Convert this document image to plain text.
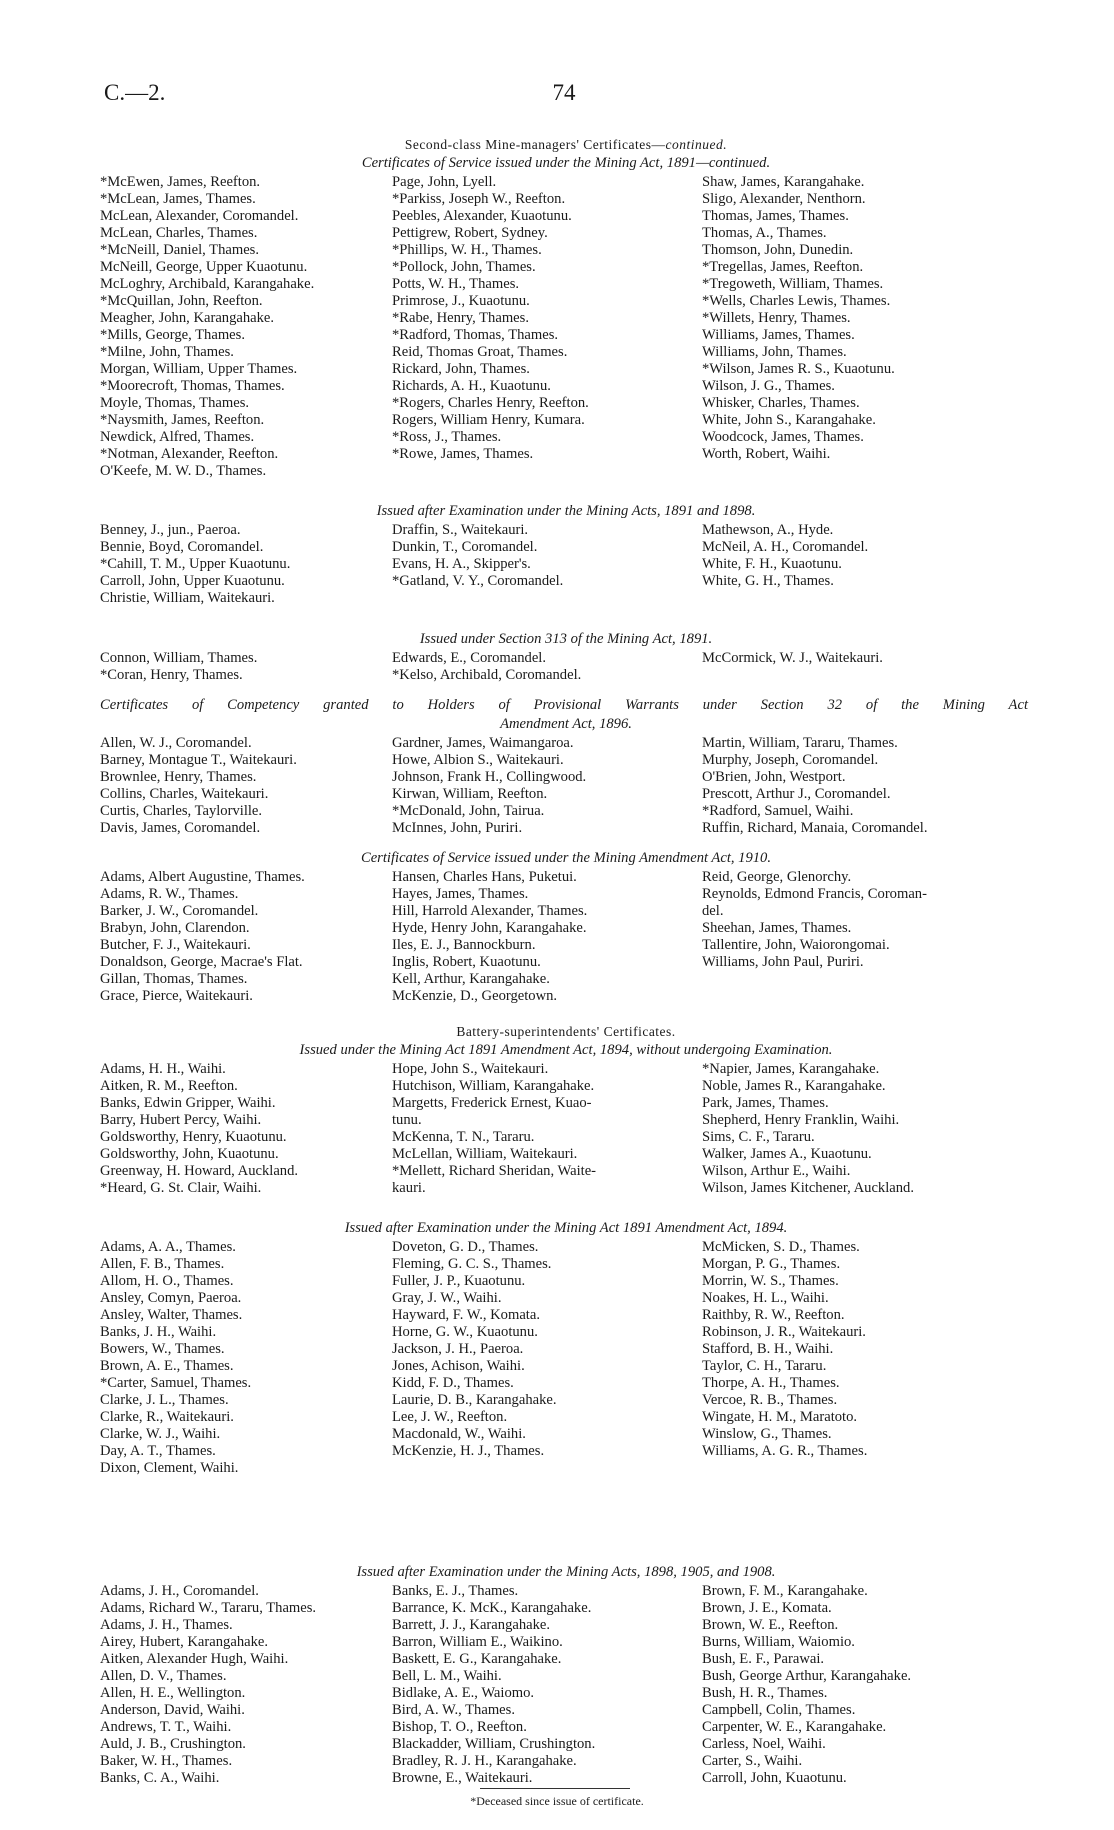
C.—2.	74
Second-class Mine-managers' Certificates—continued.
Certificates of Service issued under the Mining Act, 1891—continued.
*McEwen, James, Reefton.
*McLean, James, Thames.
McLean, Alexander, Coromandel.
McLean, Charles, Thames.
*McNeill, Daniel, Thames.
McNeill, George, Upper Kuaotunu.
McLoghry, Archibald, Karangahake.
*McQuillan, John, Reefton.
Meagher, John, Karangahake.
*Mills, George, Thames.
*Milne, John, Thames.
Morgan, William, Upper Thames.
*Moorecroft, Thomas, Thames.
Moyle, Thomas, Thames.
*Naysmith, James, Reefton.
Newdick, Alfred, Thames.
*Notman, Alexander, Reefton.
O'Keefe, M. W. D., Thames.
Page, John, Lyell.
*Parkiss, Joseph W., Reefton.
Peebles, Alexander, Kuaotunu.
Pettigrew, Robert, Sydney.
*Phillips, W. H., Thames.
*Pollock, John, Thames.
Potts, W. H., Thames.
Primrose, J., Kuaotunu.
*Rabe, Henry, Thames.
*Radford, Thomas, Thames.
Reid, Thomas Groat, Thames.
Rickard, John, Thames.
Richards, A. H., Kuaotunu.
*Rogers, Charles Henry, Reefton.
Rogers, William Henry, Kumara.
*Ross, J., Thames.
*Rowe, James, Thames.
Shaw, James, Karangahake.
Sligo, Alexander, Nenthorn.
Thomas, James, Thames.
Thomas, A., Thames.
Thomson, John, Dunedin.
*Tregellas, James, Reefton.
*Tregoweth, William, Thames.
*Wells, Charles Lewis, Thames.
*Willets, Henry, Thames.
Williams, James, Thames.
Williams, John, Thames.
*Wilson, James R. S., Kuaotunu.
Wilson, J. G., Thames.
Whisker, Charles, Thames.
White, John S., Karangahake.
Woodcock, James, Thames.
Worth, Robert, Waihi.
Issued after Examination under the Mining Acts, 1891 and 1898.
Benney, J., jun., Paeroa.
Bennie, Boyd, Coromandel.
*Cahill, T. M., Upper Kuaotunu.
Carroll, John, Upper Kuaotunu.
Christie, William, Waitekauri.
Draffin, S., Waitekauri.
Dunkin, T., Coromandel.
Evans, H. A., Skipper's.
*Gatland, V. Y., Coromandel.
Mathewson, A., Hyde.
McNeil, A. H., Coromandel.
White, F. H., Kuaotunu.
White, G. H., Thames.
Issued under Section 313 of the Mining Act, 1891.
Connon, William, Thames.
*Coran, Henry, Thames.
Edwards, E., Coromandel.
*Kelso, Archibald, Coromandel.
McCormick, W. J., Waitekauri.
Certificates of Competency granted to Holders of Provisional Warrants under Section 32 of the Mining Act
Amendment Act, 1896.
Allen, W. J., Coromandel.
Barney, Montague T., Waitekauri.
Brownlee, Henry, Thames.
Collins, Charles, Waitekauri.
Curtis, Charles, Taylorville.
Davis, James, Coromandel.
Gardner, James, Waimangaroa.
Howe, Albion S., Waitekauri.
Johnson, Frank H., Collingwood.
Kirwan, William, Reefton.
*McDonald, John, Tairua.
McInnes, John, Puriri.
Martin, William, Tararu, Thames.
Murphy, Joseph, Coromandel.
O'Brien, John, Westport.
Prescott, Arthur J., Coromandel.
*Radford, Samuel, Waihi.
Ruffin, Richard, Manaia, Coromandel.
Certificates of Service issued under the Mining Amendment Act, 1910.
Adams, Albert Augustine, Thames.
Adams, R. W., Thames.
Barker, J. W., Coromandel.
Brabyn, John, Clarendon.
Butcher, F. J., Waitekauri.
Donaldson, George, Macrae's Flat.
Gillan, Thomas, Thames.
Grace, Pierce, Waitekauri.
Hansen, Charles Hans, Puketui.
Hayes, James, Thames.
Hill, Harrold Alexander, Thames.
Hyde, Henry John, Karangahake.
Iles, E. J., Bannockburn.
Inglis, Robert, Kuaotunu.
Kell, Arthur, Karangahake.
McKenzie, D., Georgetown.
Reid, George, Glenorchy.
Reynolds, Edmond Francis, Coroman-
del.
Sheehan, James, Thames.
Tallentire, John, Waiorongomai.
Williams, John Paul, Puriri.
Battery-superintendents' Certificates.
Issued under the Mining Act 1891 Amendment Act, 1894, without undergoing Examination.
Adams, H. H., Waihi.
Aitken, R. M., Reefton.
Banks, Edwin Gripper, Waihi.
Barry, Hubert Percy, Waihi.
Goldsworthy, Henry, Kuaotunu.
Goldsworthy, John, Kuaotunu.
Greenway, H. Howard, Auckland.
*Heard, G. St. Clair, Waihi.
Hope, John S., Waitekauri.
Hutchison, William, Karangahake.
Margetts, Frederick Ernest, Kuao-
tunu.
McKenna, T. N., Tararu.
McLellan, William, Waitekauri.
*Mellett, Richard Sheridan, Waite-
kauri.
*Napier, James, Karangahake.
Noble, James R., Karangahake.
Park, James, Thames.
Shepherd, Henry Franklin, Waihi.
Sims, C. F., Tararu.
Walker, James A., Kuaotunu.
Wilson, Arthur E., Waihi.
Wilson, James Kitchener, Auckland.
Issued after Examination under the Mining Act 1891 Amendment Act, 1894.
Adams, A. A., Thames.
Allen, F. B., Thames.
Allom, H. O., Thames.
Ansley, Comyn, Paeroa.
Ansley, Walter, Thames.
Banks, J. H., Waihi.
Bowers, W., Thames.
Brown, A. E., Thames.
*Carter, Samuel, Thames.
Clarke, J. L., Thames.
Clarke, R., Waitekauri.
Clarke, W. J., Waihi.
Day, A. T., Thames.
Dixon, Clement, Waihi.
Doveton, G. D., Thames.
Fleming, G. C. S., Thames.
Fuller, J. P., Kuaotunu.
Gray, J. W., Waihi.
Hayward, F. W., Komata.
Horne, G. W., Kuaotunu.
Jackson, J. H., Paeroa.
Jones, Achison, Waihi.
Kidd, F. D., Thames.
Laurie, D. B., Karangahake.
Lee, J. W., Reefton.
Macdonald, W., Waihi.
McKenzie, H. J., Thames.
McMicken, S. D., Thames.
Morgan, P. G., Thames.
Morrin, W. S., Thames.
Noakes, H. L., Waihi.
Raithby, R. W., Reefton.
Robinson, J. R., Waitekauri.
Stafford, B. H., Waihi.
Taylor, C. H., Tararu.
Thorpe, A. H., Thames.
Vercoe, R. B., Thames.
Wingate, H. M., Maratoto.
Winslow, G., Thames.
Williams, A. G. R., Thames.
Issued after Examination under the Mining Acts, 1898, 1905, and 1908.
Adams, J. H., Coromandel.
Adams, Richard W., Tararu, Thames.
Adams, J. H., Thames.
Airey, Hubert, Karangahake.
Aitken, Alexander Hugh, Waihi.
Allen, D. V., Thames.
Allen, H. E., Wellington.
Anderson, David, Waihi.
Andrews, T. T., Waihi.
Auld, J. B., Crushington.
Baker, W. H., Thames.
Banks, C. A., Waihi.
Banks, E. J., Thames.
Barrance, K. McK., Karangahake.
Barrett, J. J., Karangahake.
Barron, William E., Waikino.
Baskett, E. G., Karangahake.
Bell, L. M., Waihi.
Bidlake, A. E., Waiomo.
Bird, A. W., Thames.
Bishop, T. O., Reefton.
Blackadder, William, Crushington.
Bradley, R. J. H., Karangahake.
Browne, E., Waitekauri.
Brown, F. M., Karangahake.
Brown, J. E., Komata.
Brown, W. E., Reefton.
Burns, William, Waiomio.
Bush, E. F., Parawai.
Bush, George Arthur, Karangahake.
Bush, H. R., Thames.
Campbell, Colin, Thames.
Carpenter, W. E., Karangahake.
Carless, Noel, Waihi.
Carter, S., Waihi.
Carroll, John, Kuaotunu.
*Deceased since issue of certificate.
